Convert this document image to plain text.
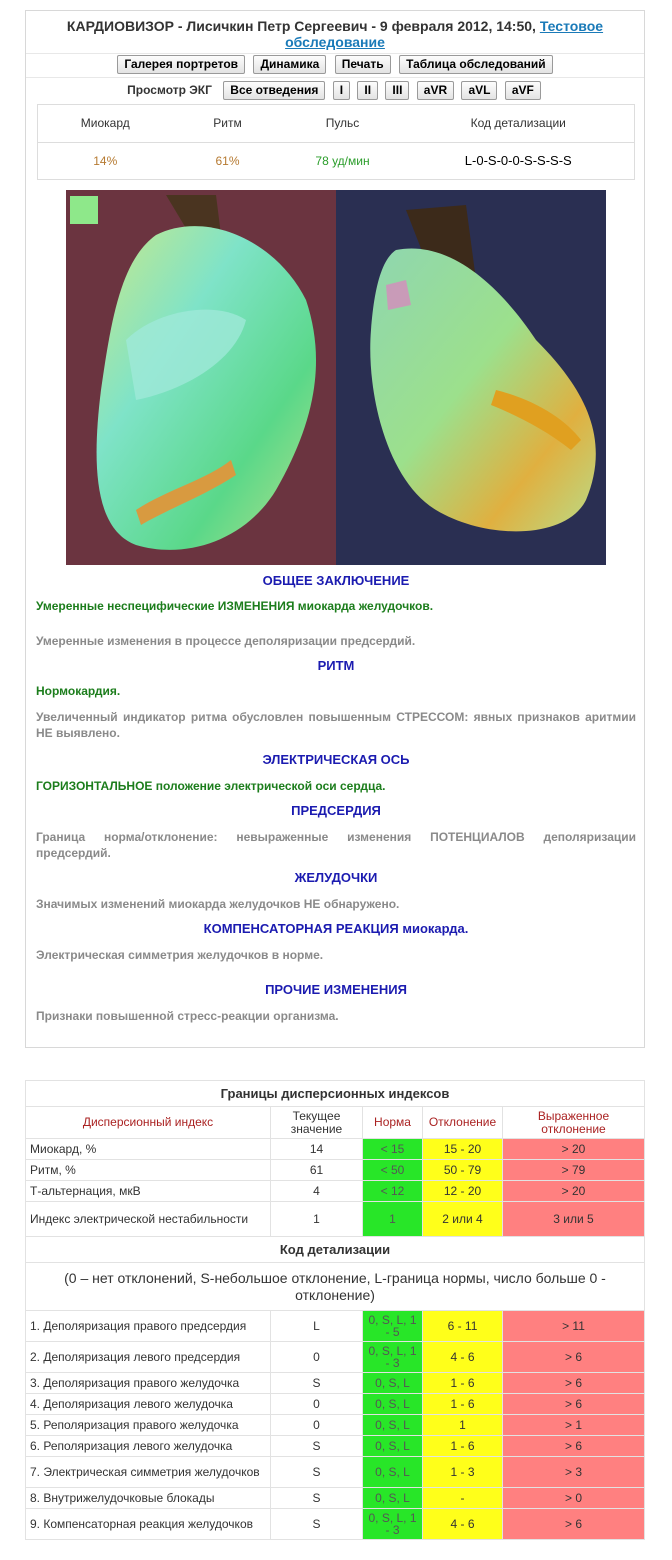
КАРДИОВИЗОР - Лисичкин Петр Сергеевич - 9 февраля 2012, 14:50, Тестовое обследование
Галерея портретов Динамика Печать Таблица обследований
Просмотр ЭКГ Все отведения I II III aVR aVL aVF
Миокард	Ритм	Пульс	Код детализации
14%	61%	78 уд/мин	L-0-S-0-0-S-S-S-S

ОБЩЕЕ ЗАКЛЮЧЕНИЕ

Умеренные неспецифические ИЗМЕНЕНИЯ миокарда желудочков.

Умеренные изменения в процессе деполяризации предсердий.

РИТМ

Нормокардия.

Увеличенный индикатор ритма обусловлен повышенным СТРЕССОМ: явных признаков аритмии НЕ выявлено.

ЭЛЕКТРИЧЕСКАЯ ОСЬ

ГОРИЗОНТАЛЬНОЕ положение электрической оси сердца.

ПРЕДСЕРДИЯ

Граница норма/отклонение: невыраженные изменения ПОТЕНЦИАЛОВ деполяризации предсердий.

ЖЕЛУДОЧКИ

Значимых изменений миокарда желудочков НЕ обнаружено.

КОМПЕНСАТОРНАЯ РЕАКЦИЯ миокарда.

Электрическая симметрия желудочков в норме.

ПРОЧИЕ ИЗМЕНЕНИЯ

Признаки повышенной стресс-реакции организма.

Границы дисперсионных индексов				
Дисперсионный индекс	Текущее значение	Норма	Отклонение	Выраженное отклонение
Миокард, %	14	< 15	15 - 20	> 20
Ритм, %	61	< 50	50 - 79	> 79
Т-альтернация, мкВ	4	< 12	12 - 20	> 20
Индекс электрической нестабильности	1	1	2 или 4	3 или 5
Код детализации				
(0 – нет отклонений, S-небольшое отклонение, L-граница нормы, число больше 0 - отклонение)				
1. Деполяризация правого предсердия	L	0, S, L, 1 - 5	6 - 11	> 11
2. Деполяризация левого предсердия	0	0, S, L, 1 - 3	4 - 6	> 6
3. Деполяризация правого желудочка	S	0, S, L	1 - 6	> 6
4. Деполяризация левого желудочка	0	0, S, L	1 - 6	> 6
5. Реполяризация правого желудочка	0	0, S, L	1	> 1
6. Реполяризация левого желудочка	S	0, S, L	1 - 6	> 6
7. Электрическая симметрия желудочков	S	0, S, L	1 - 3	> 3
8. Внутрижелудочковые блокады	S	0, S, L	-	> 0
9. Компенсаторная реакция желудочков	S	0, S, L, 1 - 3	4 - 6	> 6
